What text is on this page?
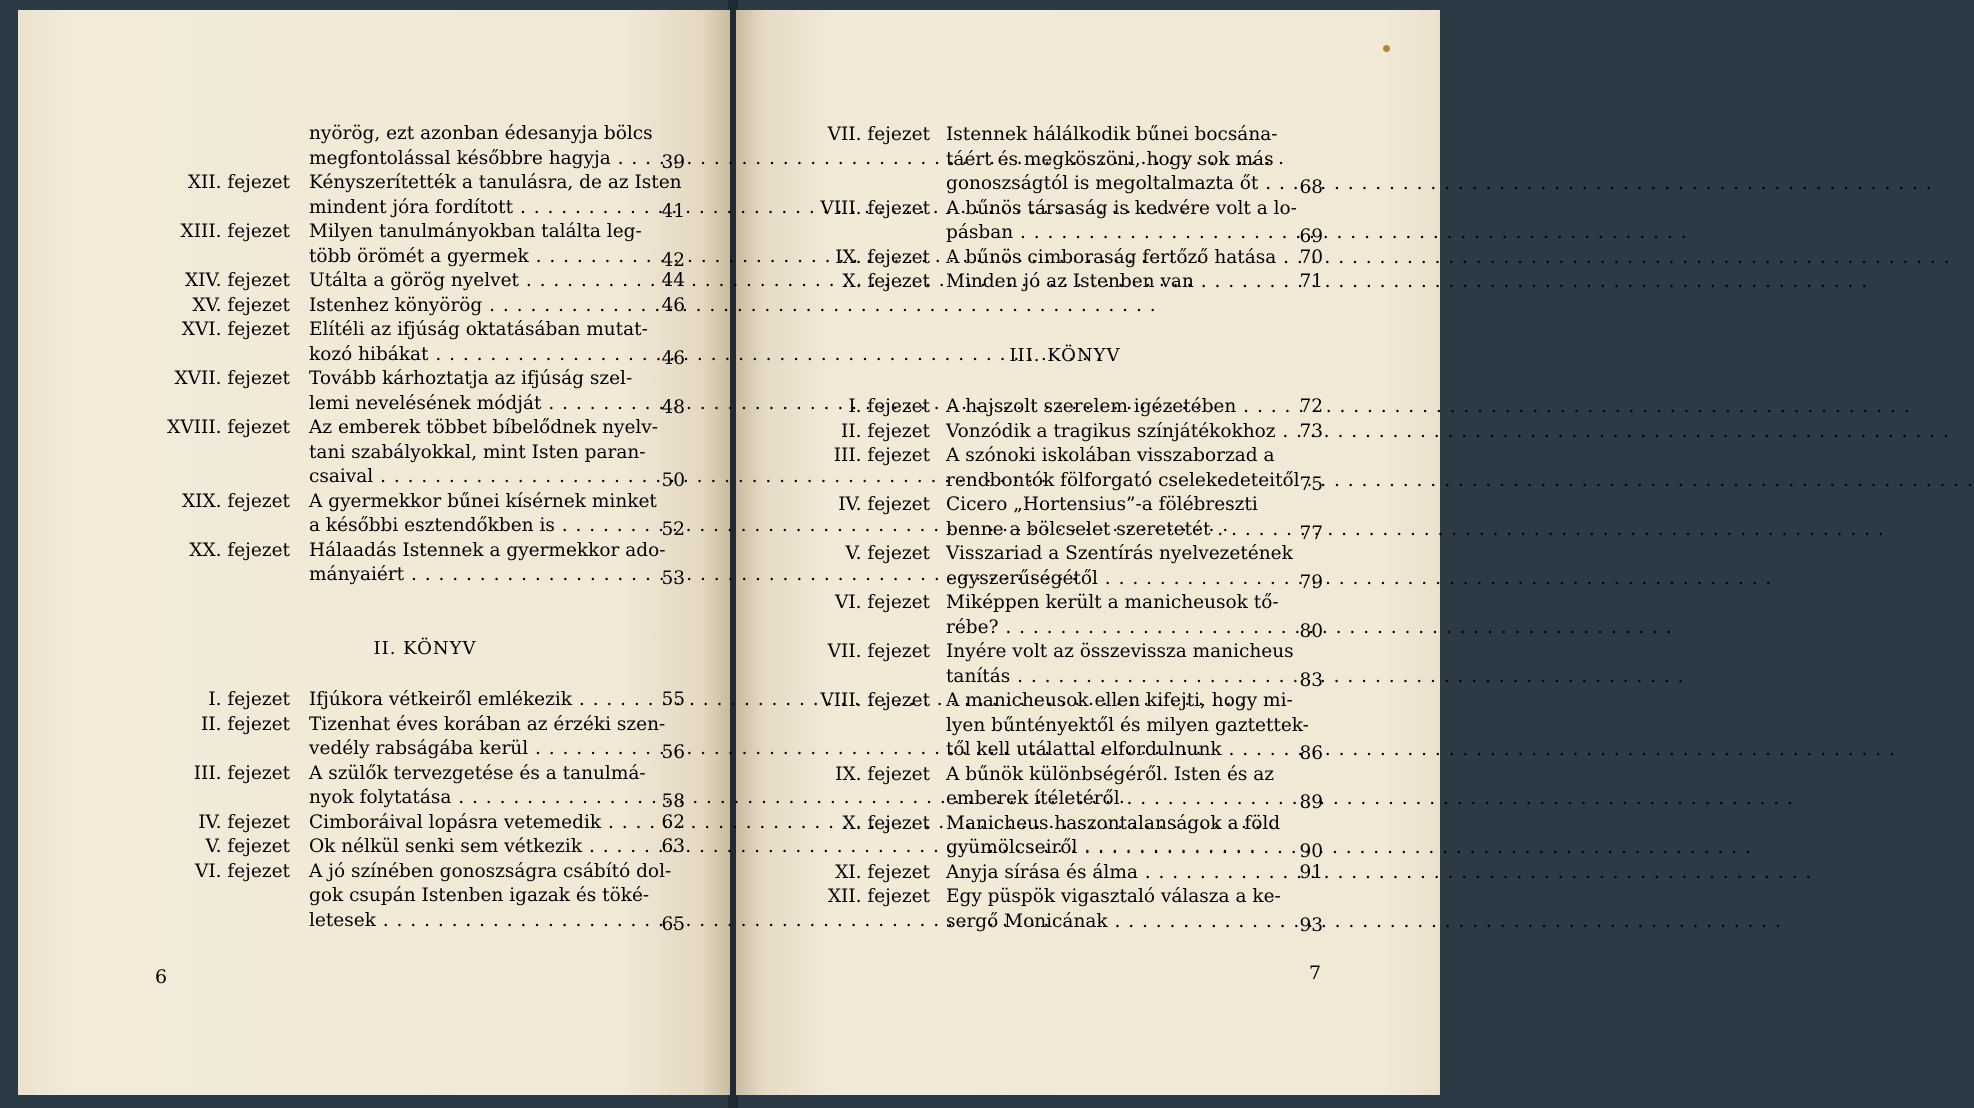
nyörög, ezt azonban édesanyja bölcs
megfontolással későbbre hagyja . . .	39
XII. fejezet Kényszerítették a tanulásra, de az Isten
mindent jóra fordított . . .	41
XIII. fejezet Milyen tanulmányokban találta leg-
több örömét a gyermek . . .	42
XIV. fejezet Utálta a görög nyelvet . . .	44
XV. fejezet Istenhez könyörög . . .	46
XVI. fejezet Elítéli az ifjúság oktatásában mutat-
kozó hibákat . . .	46
XVII. fejezet Tovább kárhoztatja az ifjúság szel-
lemi nevelésének módját . . .	48
XVIII. fejezet Az emberek többet bíbelődnek nyelv-
tani szabályokkal, mint Isten paran-
csaival . . .	50
XIX. fejezet A gyermekkor bűnei kísérnek minket
a későbbi esztendőkben is . . .	52
XX. fejezet Hálaadás Istennek a gyermekkor ado-
mányaiért . . .	53
I. fejezet Ifjúkora vétkeiről emlékezik . . .	55
II. fejezet Tizenhat éves korában az érzéki szen-
vedély rabságába kerül . . .	56
III. fejezet A szülők tervezgetése és a tanulmá-
nyok folytatása . . .	58
IV. fejezet Cimboráival lopásra vetemedik . . .	62
V. fejezet Ok nélkül senki sem vétkezik . . .	63
VI. fejezet A jó színében gonoszságra csábító dol-
gok csupán Istenben igazak és töké-
letesek . . .	65
VII. fejezet Istennek hálálkodik bűnei bocsána-
táért és megköszöni, hogy sok más
gonoszságtól is megoltalmazta őt . . .	68
VIII. fejezet A bűnös társaság is kedvére volt a lo-
pásban . . .	69
IX. fejezet A bűnös cimboraság fertőző hatása . . .	70
X. fejezet Minden jó az Istenben van . . .	71
I. fejezet A hajszolt szerelem igézetében . . .	72
II. fejezet Vonzódik a tragikus színjátékokhoz . . .	73
III. fejezet A szónoki iskolában visszaborzad a
rendbontók fölforgató cselekedeteitől . . . 75
IV. fejezet Cicero „Hortensius”-a fölébreszti
benne a bölcselet szeretetét . . .	77
V. fejezet Visszariad a Szentírás nyelvezetének
egyszerűségétől . . .	79
VI. fejezet Miképpen került a manicheusok tő-
rébe? . . .	80
VII. fejezet Inyére volt az összevissza manicheus
tanítás . . .	83
VIII. fejezet A manicheusok ellen kifejti, hogy mi-
lyen bűntényektől és milyen gaztettek-
től kell utálattal elfordulnunk . . .	86
IX. fejezet A bűnök különbségéről. Isten és az
emberek ítéletéről . . .	89
X. fejezet Manicheus haszontalanságok a föld
gyümölcseiről . . .	90
XI. fejezet Anyja sírása és álma . . .	91
XII. fejezet Egy püspök vigasztaló válasza a ke-
sergő Monicának . . .	93
II. KÖNYV
III. KÖNYV
6	7
